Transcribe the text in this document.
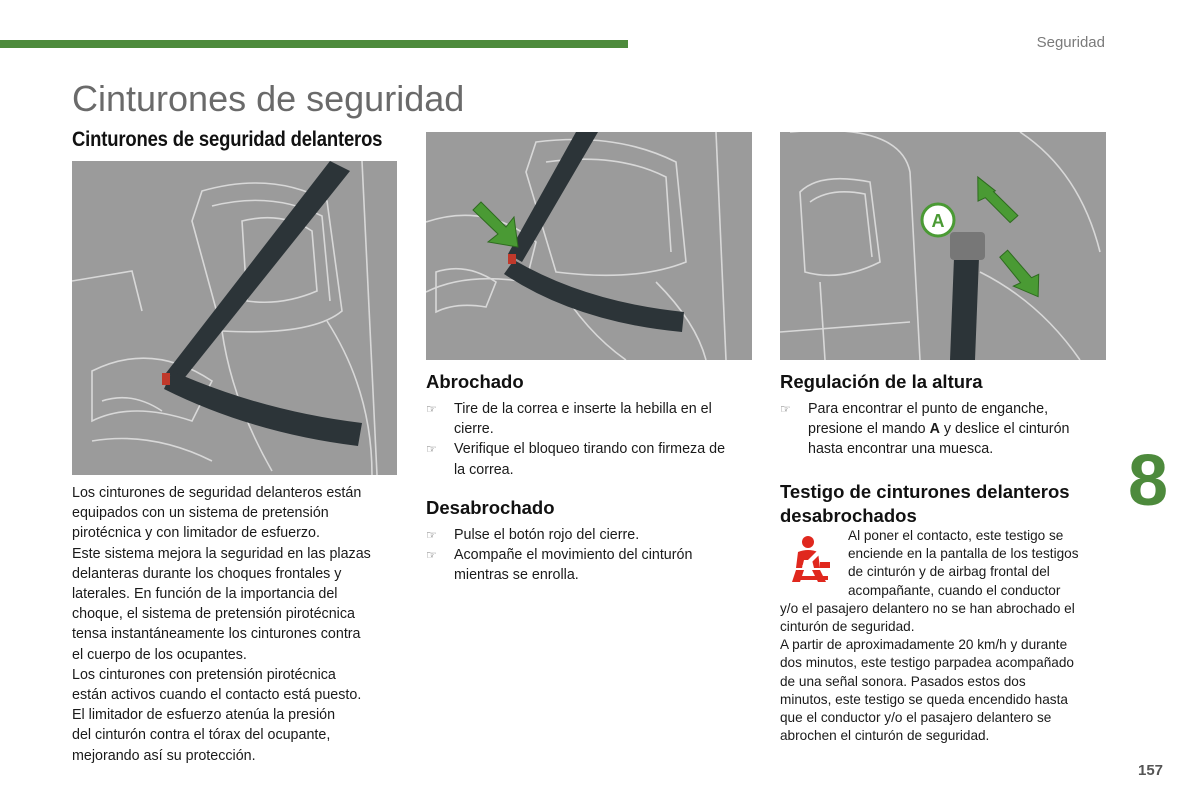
Seguridad
Cinturones de seguridad
Cinturones de seguridad delanteros
A

Los cinturones de seguridad delanteros están

equipados con un sistema de pretensión

pirotécnica y con limitador de esfuerzo.

Este sistema mejora la seguridad en las plazas

delanteras durante los choques frontales y

laterales. En función de la importancia del

choque, el sistema de pretensión pirotécnica

tensa instantáneamente los cinturones contra

el cuerpo de los ocupantes.

Los cinturones con pretensión pirotécnica

están activos cuando el contacto está puesto.

El limitador de esfuerzo atenúa la presión

del cinturón contra el tórax del ocupante,

mejorando así su protección.

Abrochado
☞ Tire de la correa e inserte la hebilla en el
cierre.
☞ Verifique el bloqueo tirando con firmeza de
la correa.
Desabrochado
☞ Pulse el botón rojo del cierre.
☞ Acompañe el movimiento del cinturón
mientras se enrolla.
Regulación de la altura
☞ Para encontrar el punto de enganche,
presione el mando A y deslice el cinturón
hasta encontrar una muesca.
Testigo de cinturones delanteros
desabrochados

Al poner el contacto, este testigo se

enciende en la pantalla de los testigos

de cinturón y de airbag frontal del

acompañante, cuando el conductor

y/o el pasajero delantero no se han abrochado el

cinturón de seguridad.

A partir de aproximadamente 20 km/h y durante

dos minutos, este testigo parpadea acompañado

de una señal sonora. Pasados estos dos

minutos, este testigo se queda encendido hasta

que el conductor y/o el pasajero delantero se

abrochen el cinturón de seguridad.

8
157
